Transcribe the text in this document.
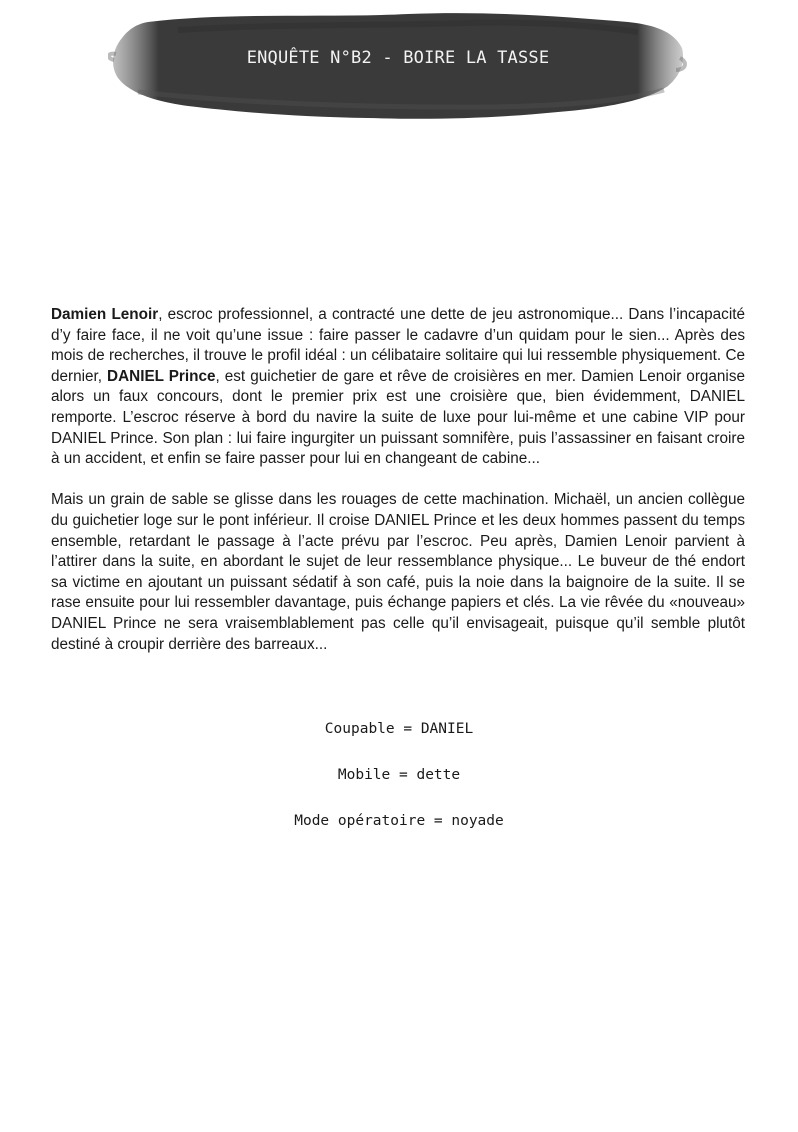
ENQUÊTE N°B2 - BOIRE LA TASSE

Damien Lenoir, escroc professionnel, a contracté une dette de jeu astronomique... Dans l’incapacité d’y faire face, il ne voit qu’une issue : faire passer le cadavre d’un quidam pour le sien... Après des mois de recherches, il trouve le profil idéal : un célibataire solitaire qui lui ressemble physiquement. Ce dernier, DANIEL Prince, est guichetier de gare et rêve de croisières en mer. Damien Lenoir organise alors un faux concours, dont le premier prix est une croisière que, bien évidemment, DANIEL remporte. L’escroc réserve à bord du navire la suite de luxe pour lui-même et une cabine VIP pour DANIEL Prince. Son plan : lui faire ingurgiter un puissant somnifère, puis l’assassiner en faisant croire à un accident, et enfin se faire passer pour lui en changeant de cabine...

Mais un grain de sable se glisse dans les rouages de cette machination. Michaël, un ancien collègue du guichetier loge sur le pont inférieur. Il croise DANIEL Prince et les deux hommes passent du temps ensemble, retardant le passage à l’acte prévu par l’escroc. Peu après, Damien Lenoir parvient à l’attirer dans la suite, en abordant le sujet de leur ressemblance physique... Le buveur de thé endort sa victime en ajoutant un puissant sédatif à son café, puis la noie dans la baignoire de la suite. Il se rase ensuite pour lui ressembler davantage, puis échange papiers et clés. La vie rêvée du «nouveau» DANIEL Prince ne sera vraisemblablement pas celle qu’il envisageait, puisque qu’il semble plutôt destiné à croupir derrière des barreaux...

Coupable = DANIEL
Mobile = dette
Mode opératoire = noyade
